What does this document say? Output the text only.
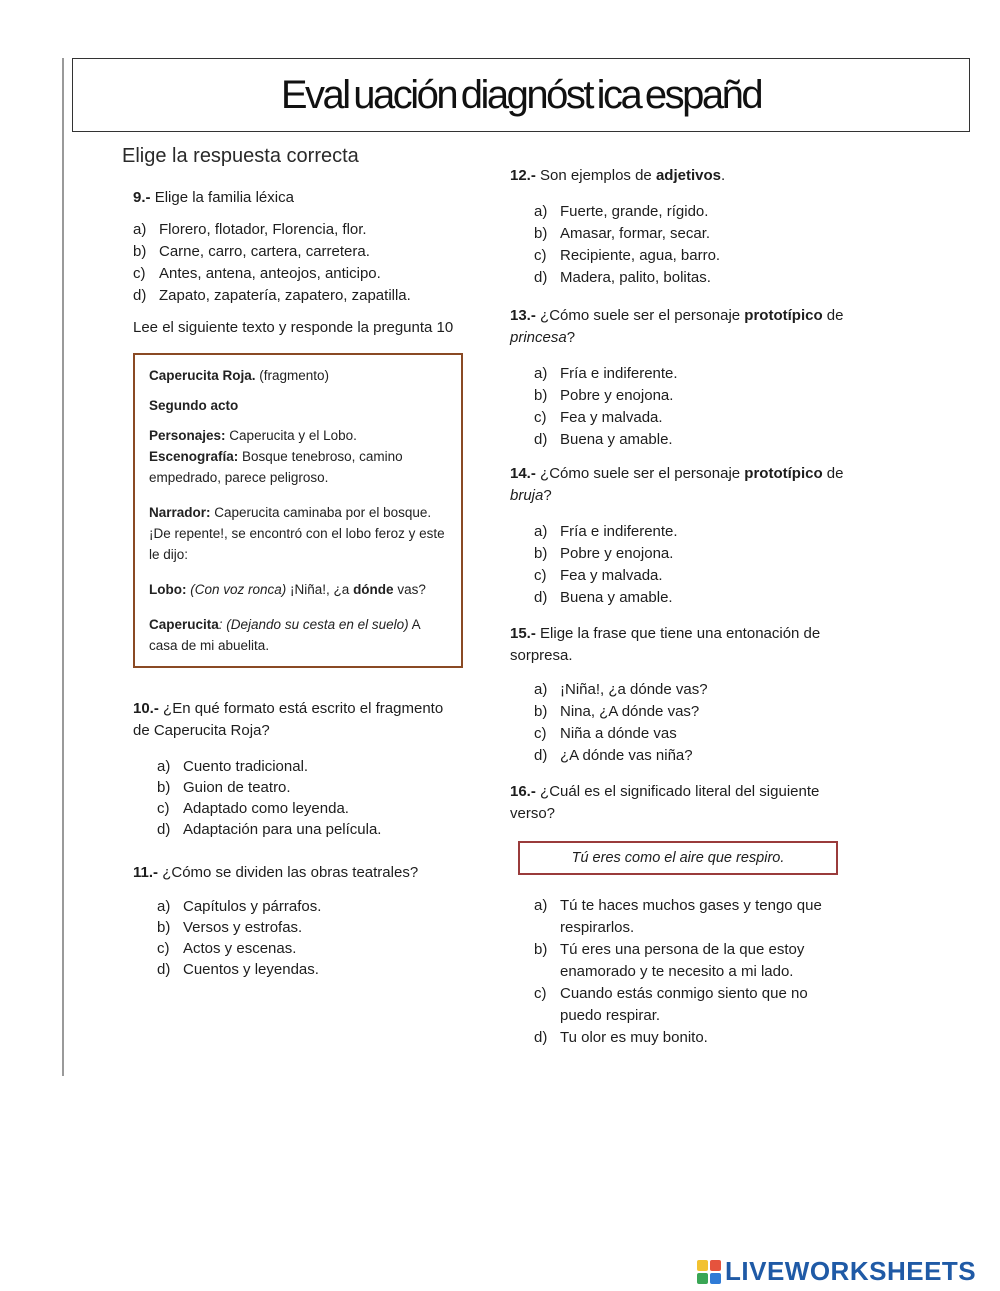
Eval uación diagnóst ica españd
Elige la respuesta correcta

9.- Elige la familia léxica

a) Florero, flotador, Florencia, flor.
b) Carne, carro, cartera, carretera.
c) Antes, antena, anteojos, anticipo.
d) Zapato, zapatería, zapatero, zapatilla.

Lee el siguiente texto y responde la pregunta 10

Caperucita Roja. (fragmento)

Segundo acto

Personajes: Caperucita y el Lobo.

Escenografía: Bosque tenebroso, camino empedrado, parece peligroso.

Narrador: Caperucita caminaba por el bosque. ¡De repente!, se encontró con el lobo feroz y este le dijo:

Lobo: (Con voz ronca) ¡Niña!, ¿a dónde vas?

Caperucita: (Dejando su cesta en el suelo) A casa de mi abuelita.

10.- ¿En qué formato está escrito el fragmento de Caperucita Roja?

a) Cuento tradicional.
b) Guion de teatro.
c) Adaptado como leyenda.
d) Adaptación para una película.

11.- ¿Cómo se dividen las obras teatrales?

a) Capítulos y párrafos.
b) Versos y estrofas.
c) Actos y escenas.
d) Cuentos y leyendas.

12.- Son ejemplos de adjetivos.

a) Fuerte, grande, rígido.
b) Amasar, formar, secar.
c) Recipiente, agua, barro.
d) Madera, palito, bolitas.

13.- ¿Cómo suele ser el personaje prototípico de princesa?

a) Fría e indiferente.
b) Pobre y enojona.
c) Fea y malvada.
d) Buena y amable.

14.- ¿Cómo suele ser el personaje prototípico de bruja?

a) Fría e indiferente.
b) Pobre y enojona.
c) Fea y malvada.
d) Buena y amable.

15.- Elige la frase que tiene una entonación de sorpresa.

a) ¡Niña!, ¿a dónde vas?
b) Nina, ¿A dónde vas?
c) Niña a dónde vas
d) ¿A dónde vas niña?

16.- ¿Cuál es el significado literal del siguiente verso?

Tú eres como el aire que respiro.
a) Tú te haces muchos gases y tengo que respirarlos.
b) Tú eres una persona de la que estoy enamorado y te necesito a mi lado.
c) Cuando estás conmigo siento que no puedo respirar.
d) Tu olor es muy bonito.
LIVEWORKSHEETS
